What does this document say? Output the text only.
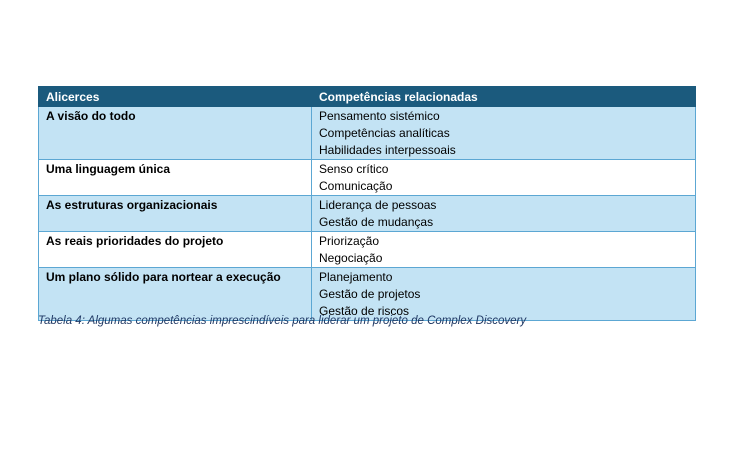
Alicerces	Competências relacionadas
A visão do todo	Pensamento sistémico
Competências analíticas
Habilidades interpessoais

Uma linguagem única	Senso crítico
Comunicação

As estruturas organizacionais	Liderança de pessoas
Gestão de mudanças

As reais prioridades do projeto	Priorização
Negociação

Um plano sólido para nortear a execução	Planejamento
Gestão de projetos
Gestão de riscos
Tabela 4: Algumas competências imprescindíveis para liderar um projeto de Complex Discovery
